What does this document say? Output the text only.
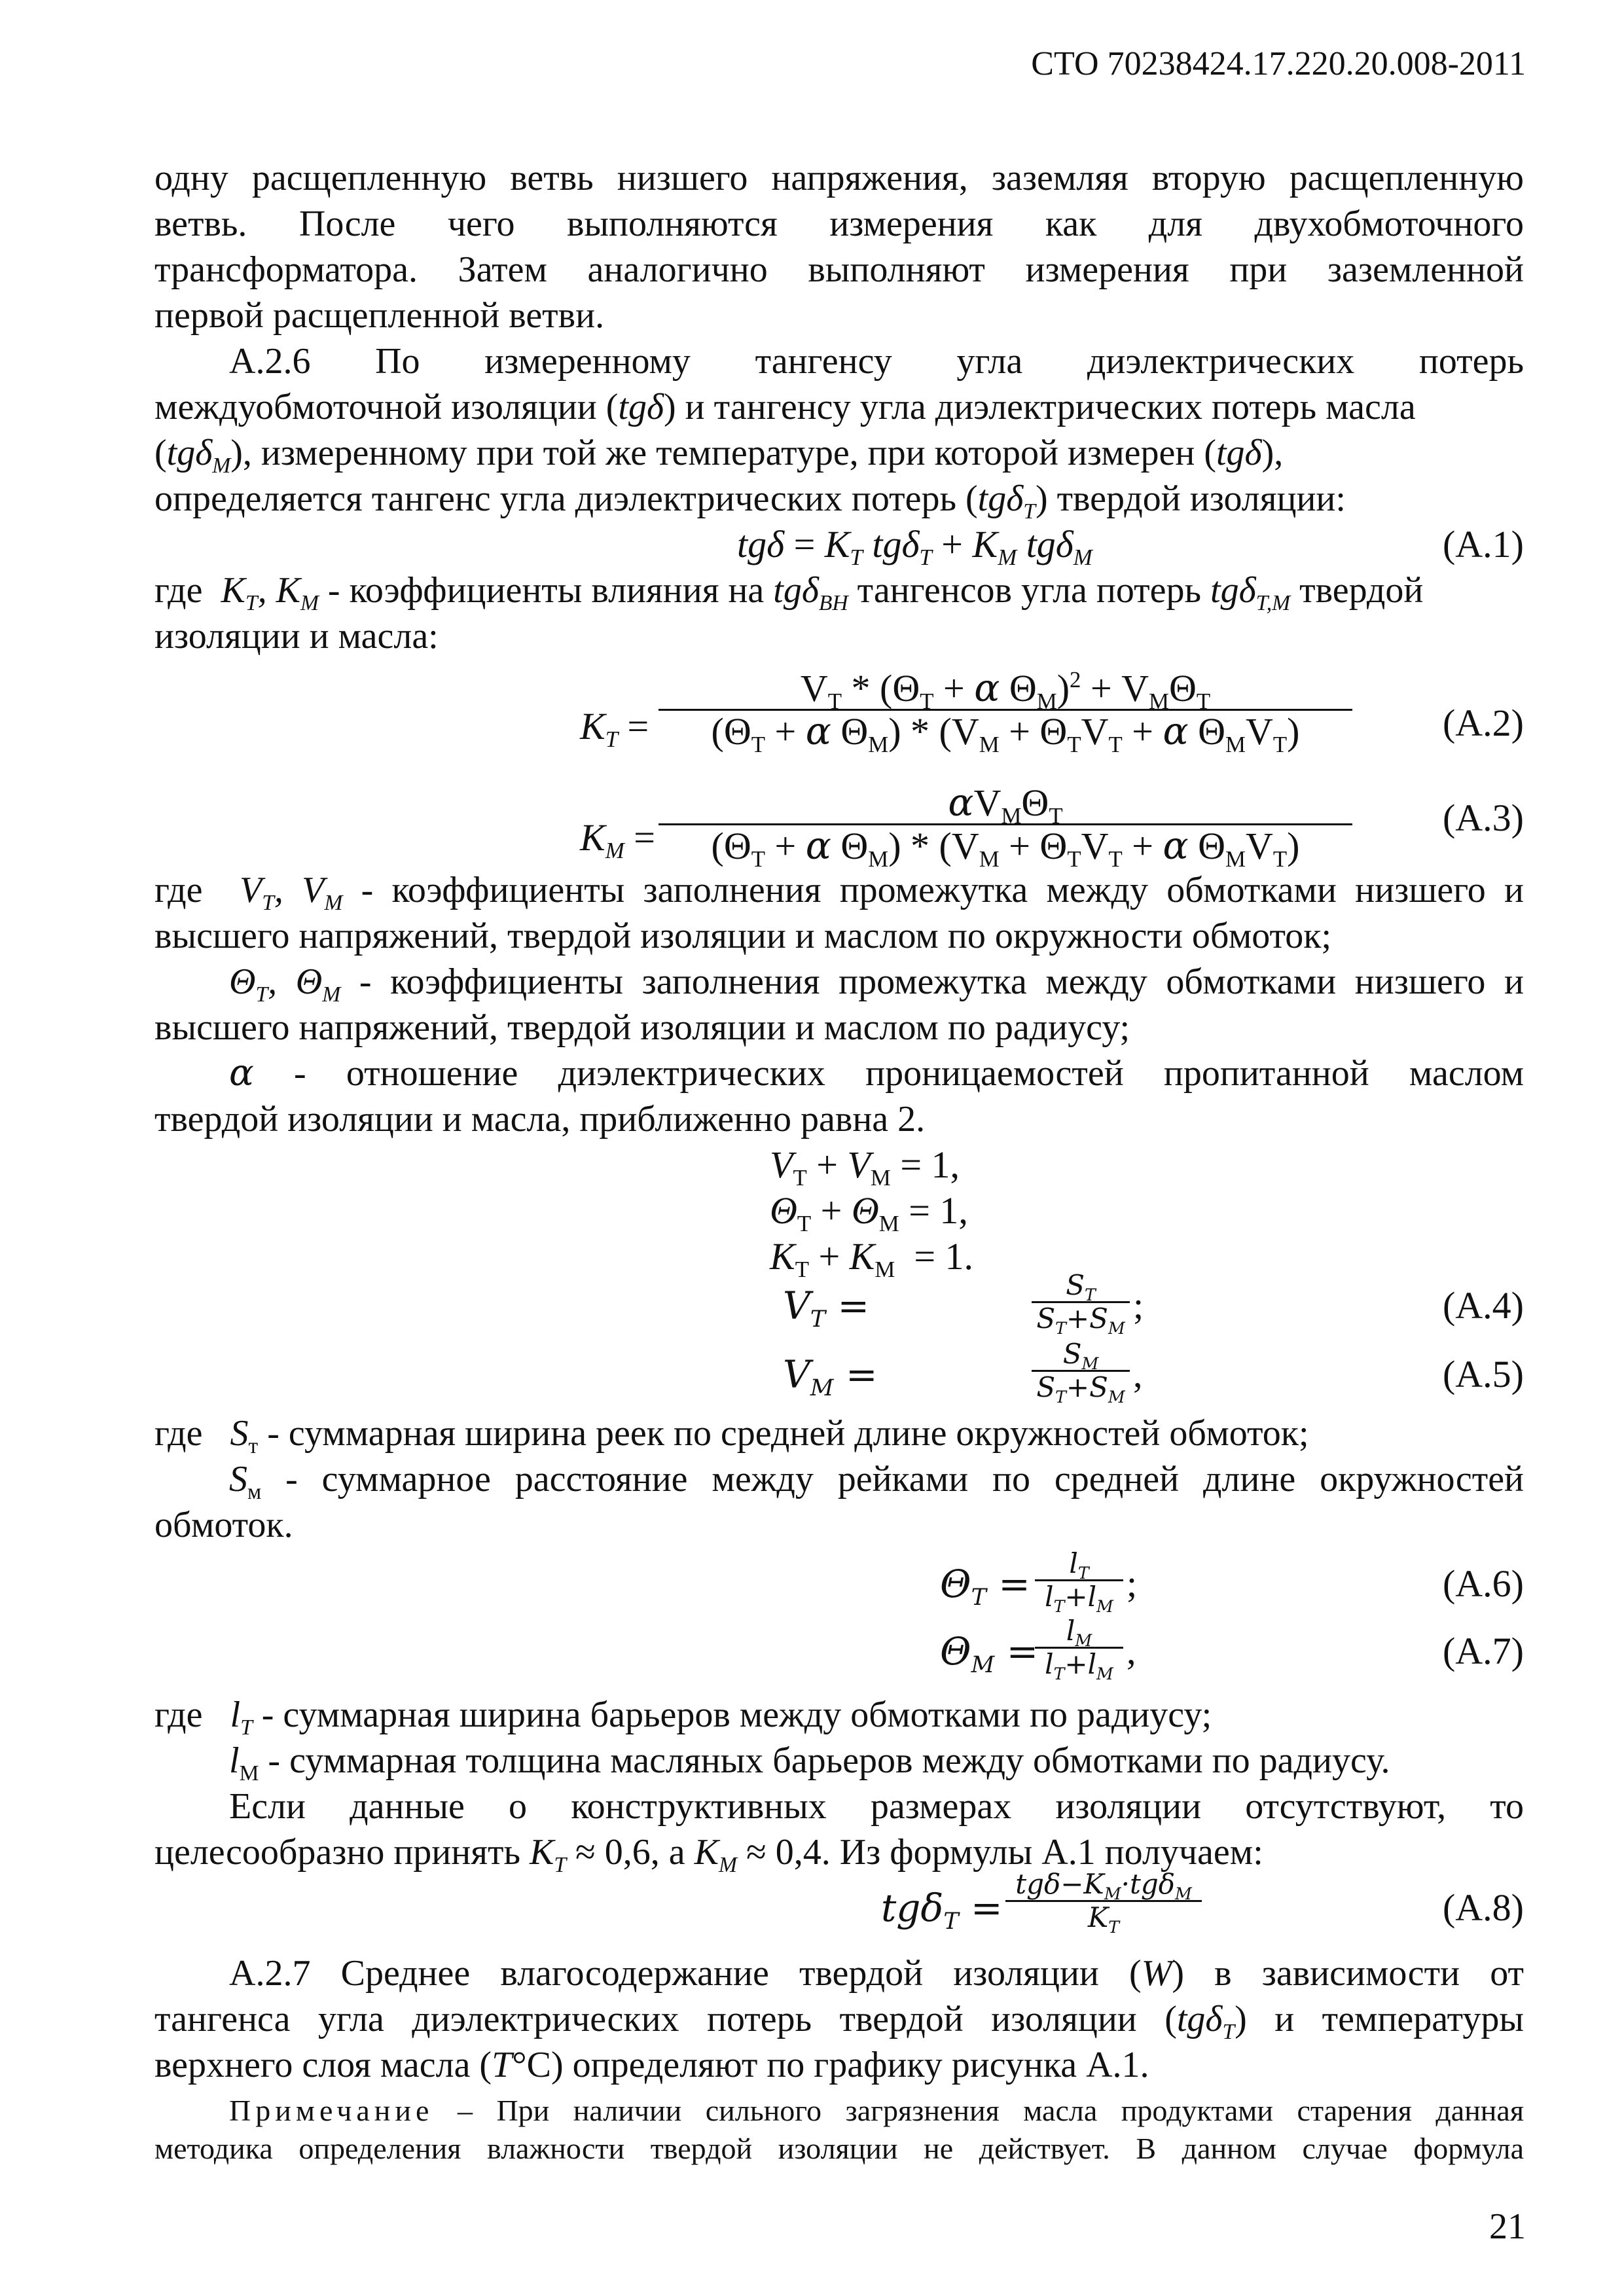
СТО 70238424.17.220.20.008-2011
одну расщепленную ветвь низшего напряжения, заземляя вторую расщепленную
ветвь. После чего выполняются измерения как для двухобмоточного
трансформатора. Затем аналогично выполняют измерения при заземленной
первой расщепленной ветви.
А.2.6 По измеренному тангенсу угла диэлектрических потерь
междуобмоточной изоляции (tgδ) и тангенсу угла диэлектрических потерь масла
(tgδ$_М$), измеренному при той же температуре, при которой измерен (tgδ),
определяется тангенс угла диэлектрических потерь (tgδ$_Т$) твердой изоляции:
$tg\delta = K_T$ $tg\delta_T + K_M$ tgδ$_M$	(А.1)
где $K_T$, $K_M$ - коэффициенты влияния на tgδ$_{BH}$ тангенсов угла потерь tgδ$_{T,M}$ твердой
изоляции и масла:
$K_T$ =
$V_Т * (\Theta_Т + \alpha$ $\Theta_М)^2 + V_М\Theta_Т$
($\Theta_Т + \alpha$ $\Theta_М) * (V_М + \Theta_ТV_Т + \alpha$ $\Theta_МV_Т$)	(А.2)
$K_M$ =
$\alpha V_М\Theta_Т$
($\Theta_Т + \alpha$ $\Theta_М) * (V_М + \Theta_ТV_Т + \alpha$ $\Theta_МV_Т$)
(А.3)
где  $V_T$, $V_M$ - коэффициенты заполнения промежутка между обмотками низшего и
высшего напряжений, твердой изоляции и маслом по окружности обмоток;
$\Theta_T$, $\Theta_M$ - коэффициенты заполнения промежутка между обмотками низшего и
высшего напряжений, твердой изоляции и маслом по радиусу;
α - отношение диэлектрических проницаемостей пропитанной маслом
твердой изоляции и масла, приближенно равна 2.
$V_Т + V_М = 1$,
$\Theta_Т + \Theta_М = 1$,
$K_Т + K_М = 1$.
$V_T$ =	$\frac{S_T}{S_T+S_M}$ ;	(А.4)
$V_M$ =	$\frac{S_M}{S_T+S_M}$ ,	(А.5)
где   $S_т$ - суммарная ширина реек по средней длине окружностей обмоток;
$S_м$ - суммарное расстояние между рейками по средней длине окружностей
обмоток.
$\Theta_T = \frac{l_T}{l_T+l_M}$ ;	(А.6)
$\Theta_M$ =
$\frac{l_M}{l_T+l_M}$ ,	(А.7)
где   $l_T$ - суммарная ширина барьеров между обмотками по радиусу;
$l_М$ - суммарная толщина масляных барьеров между обмотками по радиусу.
Если данные о конструктивных размерах изоляции отсутствуют, то
целесообразно принять $K_T \approx 0,6$, а $K_M \approx 0,4$. Из формулы А.1 получаем:
tgδ$_T$ =
$tg\delta-K_M\cdot tg\delta_M$
$K_T$	(А.8)
А.2.7 Среднее влагосодержание твердой изоляции (W) в зависимости от
тангенса угла диэлектрических потерь твердой изоляции (tgδ$_T$) и температуры
верхнего слоя масла (T°С) определяют по графику рисунка А.1.
Примечание – При наличии сильного загрязнения масла продуктами старения данная
методика определения влажности твердой изоляции не действует. В данном случае формула
21
